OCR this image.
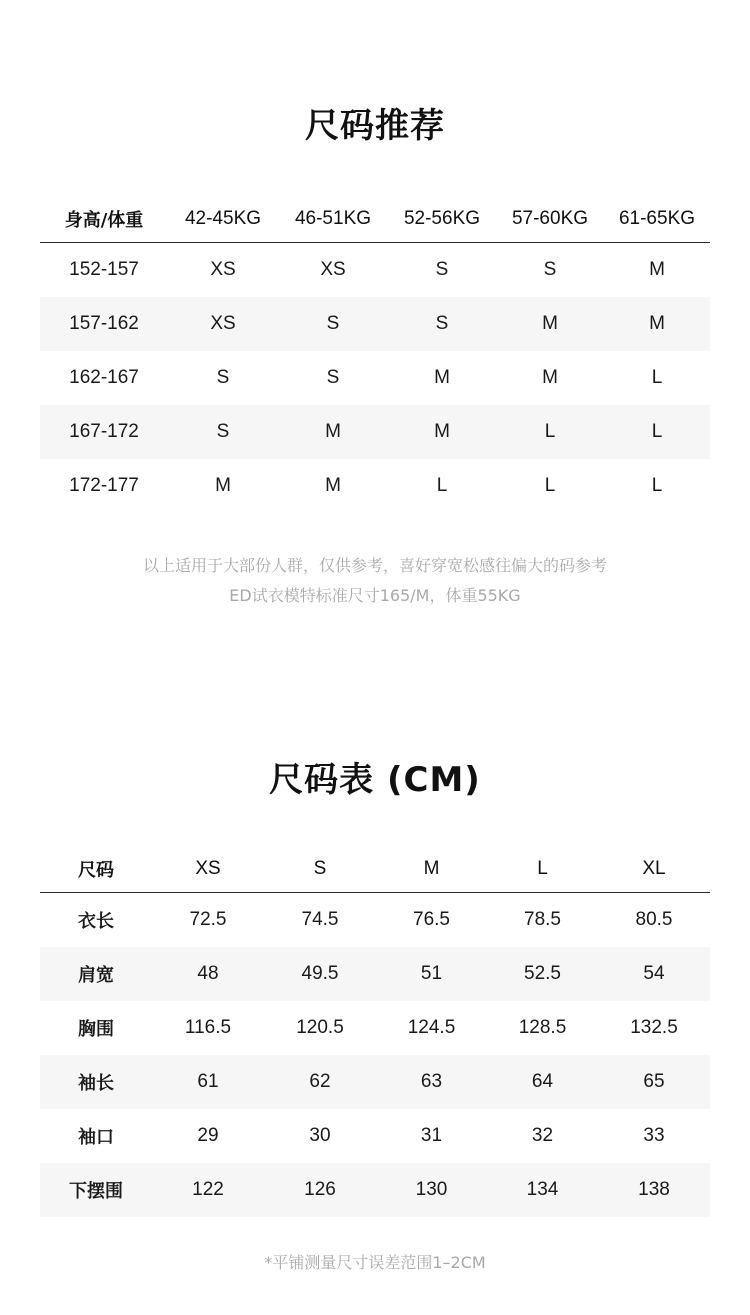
尺码推荐
身高/体重	42-45KG	46-51KG	52-56KG	57-60KG	61-65KG
152-157	XS	XS	S	S	M
157-162	XS	S	S	M	M
162-167	S	S	M	M	L
167-172	S	M	M	L	L
172-177	M	M	L	L	L
以上适用于大部份人群，仅供参考，喜好穿宽松感往偏大的码参考
ED试衣模特标准尺寸165/M，体重55KG
尺码表 (CM)
尺码	XS	S	M	L	XL
衣长	72.5	74.5	76.5	78.5	80.5
肩宽	48	49.5	51	52.5	54
胸围	116.5	120.5	124.5	128.5	132.5
袖长	61	62	63	64	65
袖口	29	30	31	32	33
下摆围	122	126	130	134	138
*平铺测量尺寸误差范围1–2CM
